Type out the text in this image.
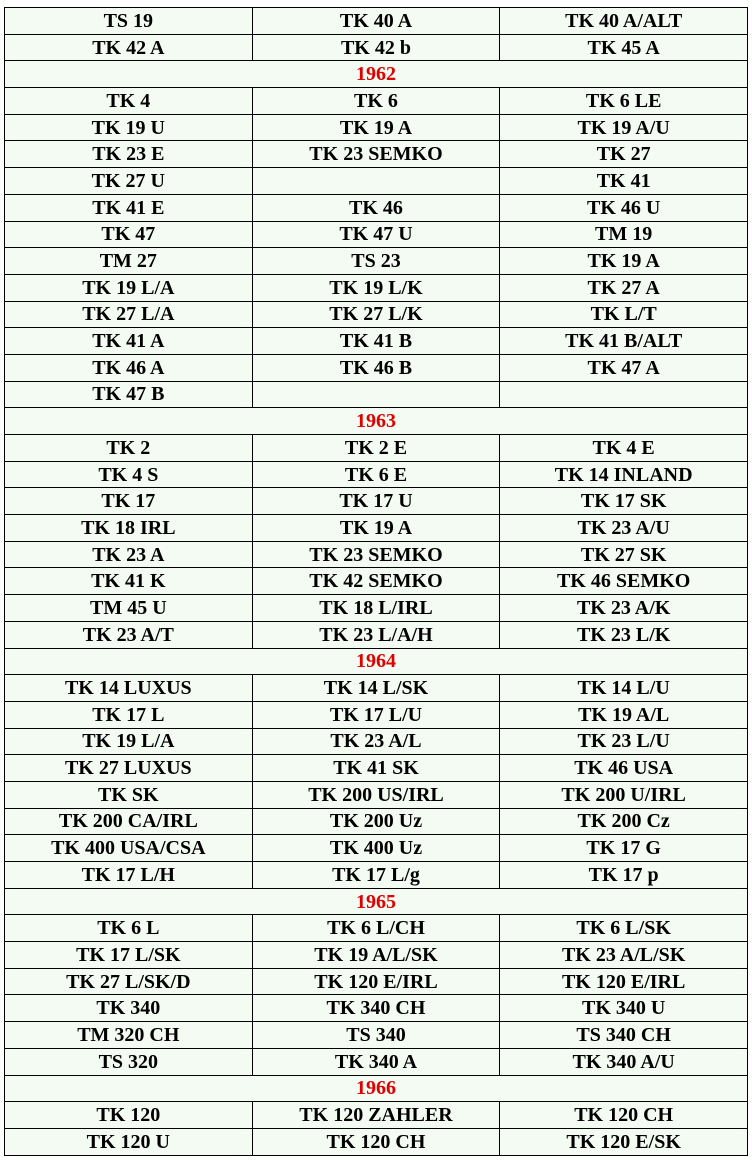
TS 19	TK 40 A	TK 40 A/ALT
TK 42 A	TK 42 b	TK 45 A
1962		
TK 4	TK 6	TK 6 LE
TK 19 U	TK 19 A	TK 19 A/U
TK 23 E	TK 23 SEMKO	TK 27
TK 27 U		TK 41
TK 41 E	TK 46	TK 46 U
TK 47	TK 47 U	TM 19
TM 27	TS 23	TK 19 A
TK 19 L/A	TK 19 L/K	TK 27 A
TK 27 L/A	TK 27 L/K	TK L/T
TK 41 A	TK 41 B	TK 41 B/ALT
TK 46 A	TK 46 B	TK 47 A
TK 47 B		
1963		
TK 2	TK 2 E	TK 4 E
TK 4 S	TK 6 E	TK 14 INLAND
TK 17	TK 17 U	TK 17 SK
TK 18 IRL	TK 19 A	TK 23 A/U
TK 23 A	TK 23 SEMKO	TK 27 SK
TK 41 K	TK 42 SEMKO	TK 46 SEMKO
TM 45 U	TK 18 L/IRL	TK 23 A/K
TK 23 A/T	TK 23 L/A/H	TK 23 L/K
1964		
TK 14 LUXUS	TK 14 L/SK	TK 14 L/U
TK 17 L	TK 17 L/U	TK 19 A/L
TK 19 L/A	TK 23 A/L	TK 23 L/U
TK 27 LUXUS	TK 41 SK	TK 46 USA
TK SK	TK 200 US/IRL	TK 200 U/IRL
TK 200 CA/IRL	TK 200 Uz	TK 200 Cz
TK 400 USA/CSA	TK 400 Uz	TK 17 G
TK 17 L/H	TK 17 L/g	TK 17 p
1965		
TK 6 L	TK 6 L/CH	TK 6 L/SK
TK 17 L/SK	TK 19 A/L/SK	TK 23 A/L/SK
TK 27 L/SK/D	TK 120 E/IRL	TK 120 E/IRL
TK 340	TK 340 CH	TK 340 U
TM 320 CH	TS 340	TS 340 CH
TS 320	TK 340 A	TK 340 A/U
1966		
TK 120	TK 120 ZAHLER	TK 120 CH
TK 120 U	TK 120 CH	TK 120 E/SK
